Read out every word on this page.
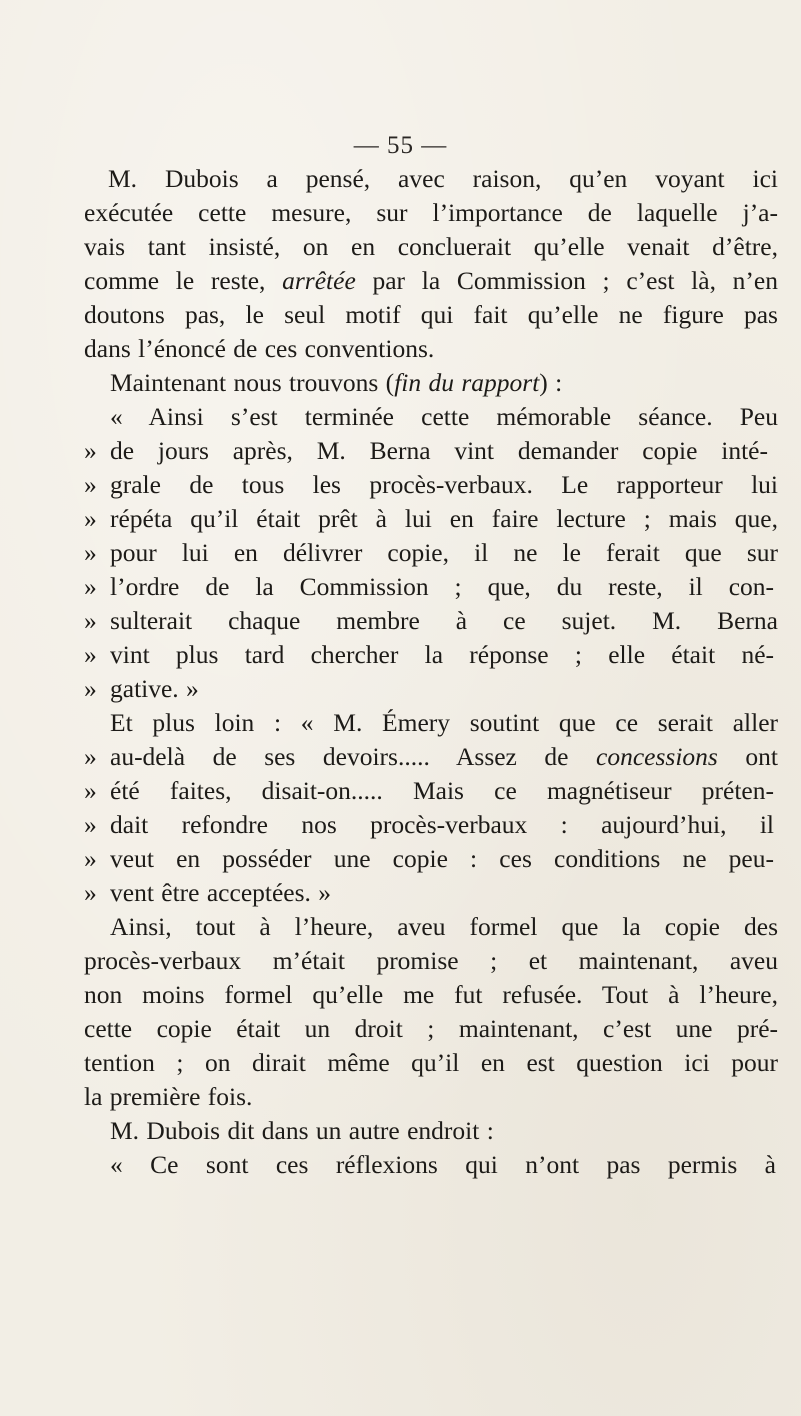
— 55 —
M. Dubois a pensé, avec raison, qu’en voyant ici
exécutée cette mesure, sur l’importance de laquelle j’a-
vais tant insisté, on en concluerait qu’elle venait d’être,
comme le reste, arrêtée par la Commission ; c’est là, n’en
doutons pas, le seul motif qui fait qu’elle ne figure pas
dans l’énoncé de ces conventions.
Maintenant nous trouvons (fin du rapport) :
« Ainsi s’est terminée cette mémorable séance. Peu
» de jours après, M. Berna vint demander copie inté-
» grale de tous les procès-verbaux. Le rapporteur lui
» répéta qu’il était prêt à lui en faire lecture ; mais que,
» pour lui en délivrer copie, il ne le ferait que sur
» l’ordre de la Commission ; que, du reste, il con-
» sulterait chaque membre à ce sujet. M. Berna
» vint plus tard chercher la réponse ; elle était né-
» gative. »
Et plus loin : « M. Émery soutint que ce serait aller
» au-delà de ses devoirs..... Assez de concessions ont
» été faites, disait-on..... Mais ce magnétiseur préten-
» dait refondre nos procès-verbaux : aujourd’hui, il
» veut en posséder une copie : ces conditions ne peu-
» vent être acceptées. »
Ainsi, tout à l’heure, aveu formel que la copie des
procès-verbaux m’était promise ; et maintenant, aveu
non moins formel qu’elle me fut refusée. Tout à l’heure,
cette copie était un droit ; maintenant, c’est une pré-
tention ; on dirait même qu’il en est question ici pour
la première fois.
M. Dubois dit dans un autre endroit :
« Ce sont ces réflexions qui n’ont pas permis à
